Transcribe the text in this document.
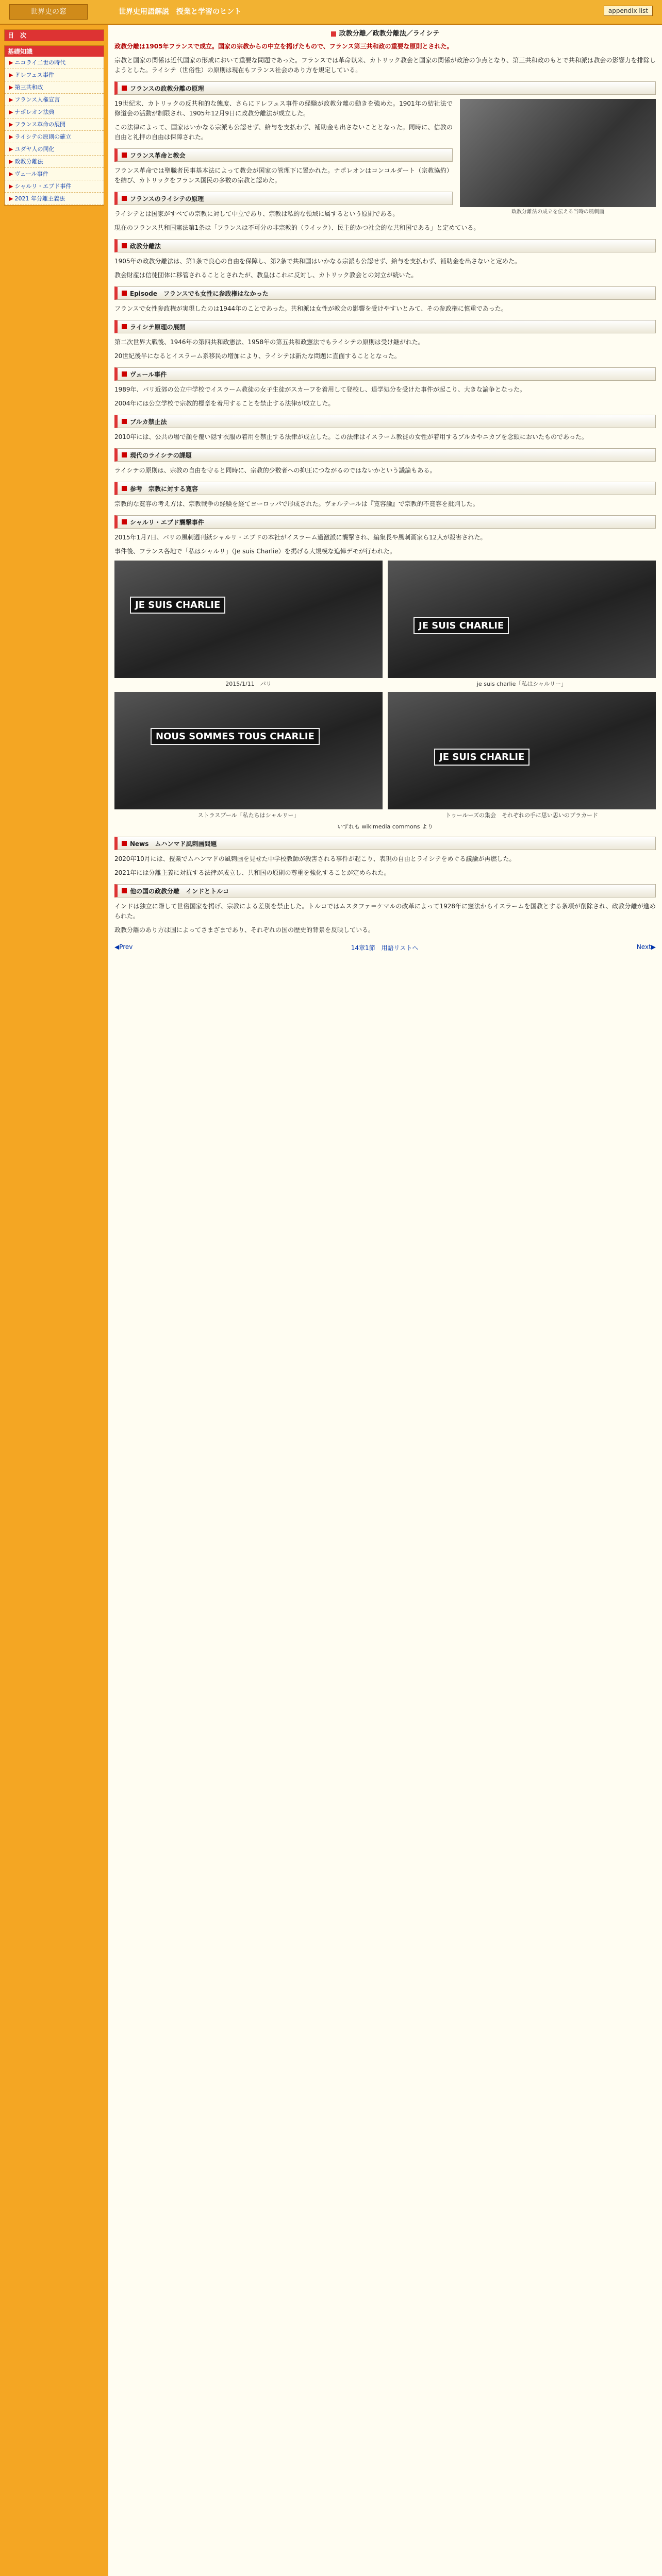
世界史の窓	世界史用語解説　授業と学習のヒント	appendix list
目　次
基礎知識
▶ ニコライ二世の時代
▶ ドレフュス事件
▶ 第三共和政
▶ フランス人権宣言
▶ ナポレオン法典
▶ フランス革命の展開
▶ ライシテの原則の確立
▶ ユダヤ人の同化
▶ 政教分離法
▶ ヴェール事件
▶ シャルリ・エブド事件
▶ 2021 年分離主義法
政教分離／政教分離法／ライシテ

政教分離は1905年フランスで成立。国家の宗教からの中立を掲げたもので、フランス第三共和政の重要な原則とされた。

宗教と国家の関係は近代国家の形成において重要な問題であった。フランスでは革命以来、カトリック教会と国家の関係が政治の争点となり、第三共和政のもとで共和派は教会の影響力を排除しようとした。ライシテ（世俗性）の原則は現在もフランス社会のあり方を規定している。

フランスの政教分離の原理
政教分離法の成立を伝える当時の風刺画

19世紀末、カトリックの反共和的な態度、さらにドレフュス事件の経験が政教分離の動きを強めた。1901年の結社法で修道会の活動が制限され、1905年12月9日に政教分離法が成立した。

この法律によって、国家はいかなる宗派も公認せず、給与を支払わず、補助金も出さないこととなった。同時に、信教の自由と礼拝の自由は保障された。

フランス革命と教会

フランス革命では聖職者民事基本法によって教会が国家の管理下に置かれた。ナポレオンはコンコルダート（宗教協約）を結び、カトリックをフランス国民の多数の宗教と認めた。

フランスのライシテの原理

ライシテとは国家がすべての宗教に対して中立であり、宗教は私的な領域に属するという原則である。

現在のフランス共和国憲法第1条は「フランスは不可分の非宗教的（ライック）、民主的かつ社会的な共和国である」と定めている。

政教分離法

1905年の政教分離法は、第1条で良心の自由を保障し、第2条で共和国はいかなる宗派も公認せず、給与を支払わず、補助金を出さないと定めた。

教会財産は信徒団体に移管されることとされたが、教皇はこれに反対し、カトリック教会との対立が続いた。

Episode　フランスでも女性に参政権はなかった

フランスで女性参政権が実現したのは1944年のことであった。共和派は女性が教会の影響を受けやすいとみて、その参政権に慎重であった。

ライシテ原理の展開

第二次世界大戦後、1946年の第四共和政憲法、1958年の第五共和政憲法でもライシテの原則は受け継がれた。

20世紀後半になるとイスラーム系移民の増加により、ライシテは新たな問題に直面することとなった。

ヴェール事件

1989年、パリ近郊の公立中学校でイスラーム教徒の女子生徒がスカーフを着用して登校し、退学処分を受けた事件が起こり、大きな論争となった。

2004年には公立学校で宗教的標章を着用することを禁止する法律が成立した。

ブルカ禁止法

2010年には、公共の場で顔を覆い隠す衣服の着用を禁止する法律が成立した。この法律はイスラーム教徒の女性が着用するブルカやニカブを念頭においたものであった。

現代のライシテの課題

ライシテの原則は、宗教の自由を守ると同時に、宗教的少数者への抑圧につながるのではないかという議論もある。

参考　宗教に対する寛容

宗教的な寛容の考え方は、宗教戦争の経験を経てヨーロッパで形成された。ヴォルテールは『寛容論』で宗教的不寛容を批判した。

シャルリ・エブド襲撃事件

2015年1月7日、パリの風刺週刊紙シャルリ・エブドの本社がイスラーム過激派に襲撃され、編集長や風刺画家ら12人が殺害された。

事件後、フランス各地で「私はシャルリ」（Je suis Charlie）を掲げる大規模な追悼デモが行われた。

JE SUIS CHARLIE
2015/1/11　パリ
JE SUIS CHARLIE
je suis charlie「私はシャルリー」
NOUS SOMMES TOUS CHARLIE
ストラスブール「私たちはシャルリー」
JE SUIS CHARLIE
トゥールーズの集会　それぞれの手に思い思いのプラカード
いずれも wikimedia commons より
News　ムハンマド風刺画問題

2020年10月には、授業でムハンマドの風刺画を見せた中学校教師が殺害される事件が起こり、表現の自由とライシテをめぐる議論が再燃した。

2021年には分離主義に対抗する法律が成立し、共和国の原則の尊重を強化することが定められた。

他の国の政教分離　インドとトルコ

インドは独立に際して世俗国家を掲げ、宗教による差別を禁止した。トルコではムスタファ＝ケマルの改革によって1928年に憲法からイスラームを国教とする条項が削除され、政教分離が進められた。

政教分離のあり方は国によってさまざまであり、それぞれの国の歴史的背景を反映している。

◀Prev	14章1節　用語リストへ	Next▶
